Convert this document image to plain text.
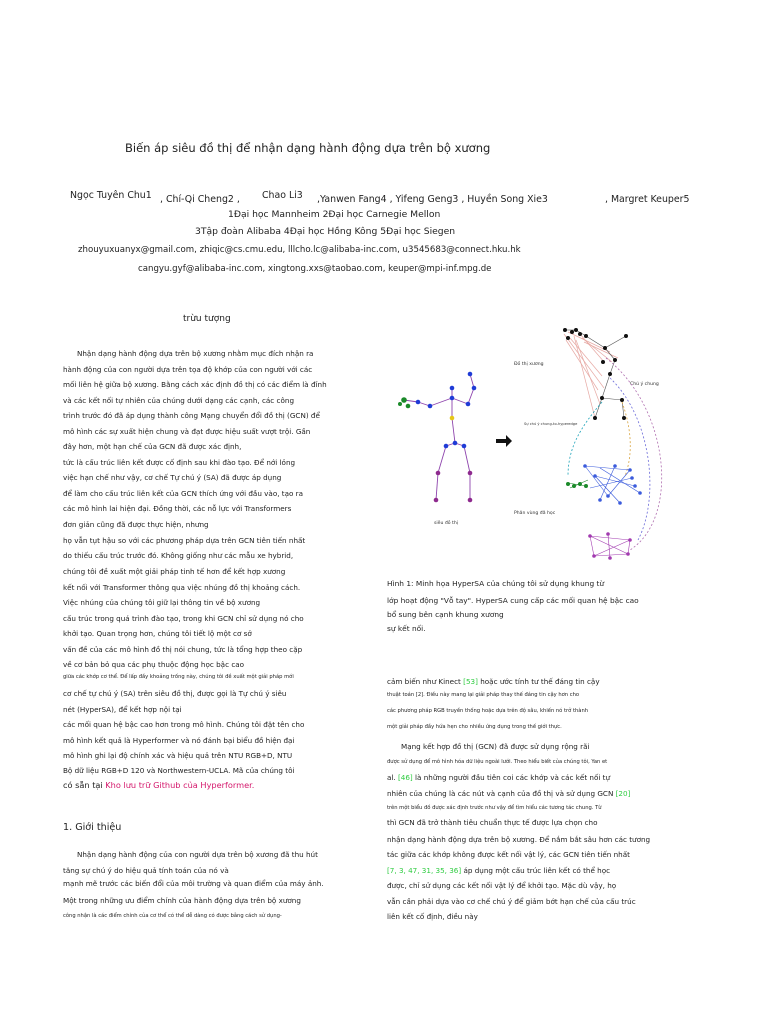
Biến áp siêu đồ thị để nhận dạng hành động dựa trên bộ xương
Ngọc Tuyên Chu1 , Chí-Qi Cheng2 , Chao Li3 ,Yanwen Fang4 , Yifeng Geng3 , Huyền Song Xie3	, Margret Keuper5
1Đại học Mannheim 2Đại học Carnegie Mellon
3Tập đoàn Alibaba 4Đại học Hồng Kông 5Đại học Siegen
zhouyuxuanyx@gmail.com, zhiqic@cs.cmu.edu, lllcho.lc@alibaba-inc.com, u3545683@connect.hku.hk
cangyu.gyf@alibaba-inc.com, xingtong.xxs@taobao.com, keuper@mpi-inf.mpg.de
trừu tượng
Nhận dạng hành động dựa trên bộ xương nhằm mục đích nhận ra
hành động của con người dựa trên tọa độ khớp của con người với các
mối liên hệ giữa bộ xương. Bằng cách xác định đồ thị có các điểm là đỉnh
và các kết nối tự nhiên của chúng dưới dạng các cạnh, các công
trình trước đó đã áp dụng thành công Mạng chuyển đổi đồ thị (GCN) để
mô hình các sự xuất hiện chung và đạt được hiệu suất vượt trội. Gần
đây hơn, một hạn chế của GCN đã được xác định,
tức là cấu trúc liên kết được cố định sau khi đào tạo. Để nới lỏng
việc hạn chế như vậy, cơ chế Tự chú ý (SA) đã được áp dụng
để làm cho cấu trúc liên kết của GCN thích ứng với đầu vào, tạo ra
các mô hình lai hiện đại. Đồng thời, các nỗ lực với Transformers
đơn giản cũng đã được thực hiện, nhưng
họ vẫn tụt hậu so với các phương pháp dựa trên GCN tiên tiến nhất
do thiếu cấu trúc trước đó. Không giống như các mẫu xe hybrid,
chúng tôi đề xuất một giải pháp tinh tế hơn để kết hợp xương
kết nối với Transformer thông qua việc nhúng đồ thị khoảng cách.
Việc nhúng của chúng tôi giữ lại thông tin về bộ xương
cấu trúc trong quá trình đào tạo, trong khi GCN chỉ sử dụng nó cho
khởi tạo. Quan trọng hơn, chúng tôi tiết lộ một cơ sở
vấn đề của các mô hình đồ thị nói chung, tức là tổng hợp theo cặp
về cơ bản bỏ qua các phụ thuộc động học bậc cao
giữa các khớp cơ thể. Để lấp đầy khoảng trống này, chúng tôi đề xuất một giải pháp mới
cơ chế tự chú ý (SA) trên siêu đồ thị, được gọi là Tự chú ý siêu
nét (HyperSA), để kết hợp nội tại
các mối quan hệ bậc cao hơn trong mô hình. Chúng tôi đặt tên cho
mô hình kết quả là Hyperformer và nó đánh bại biểu đồ hiện đại
mô hình ghi lại độ chính xác và hiệu quả trên NTU RGB+D, NTU
Bộ dữ liệu RGB+D 120 và Northwestern-UCLA. Mã của chúng tôi
có sẵn tại Kho lưu trữ Github của Hyperformer.
1. Giới thiệu
Nhận dạng hành động của con người dựa trên bộ xương đã thu hút
tăng sự chú ý do hiệu quả tính toán của nó và
mạnh mẽ trước các biến đổi của môi trường và quan điểm của máy ảnh.
Một trong những ưu điểm chính của hành động dựa trên bộ xương
công nhận là các điểm chính của cơ thể có thể dễ dàng có được bằng cách sử dụng-
siêu đồ thị
Đồ thị xương
Chú ý chung
Sự chú ý chung-to-hyperedge
Phân vùng đã học
Hình 1: Minh họa HyperSA của chúng tôi sử dụng khung từ
lớp hoạt động "Vỗ tay". HyperSA cung cấp các mối quan hệ bậc cao
bổ sung bên cạnh khung xương
sự kết nối.
cảm biến như Kinect [53] hoặc ước tính tư thế đáng tin cậy
thuật toán [2]. Điều này mang lại giải pháp thay thế đáng tin cậy hơn cho
các phương pháp RGB truyền thống hoặc dựa trên độ sâu, khiến nó trở thành
một giải pháp đầy hứa hẹn cho nhiều ứng dụng trong thế giới thực.
Mạng kết hợp đồ thị (GCN) đã được sử dụng rộng rãi
được sử dụng để mô hình hóa dữ liệu ngoài lưới. Theo hiểu biết của chúng tôi, Yan et
al. [46] là những người đầu tiên coi các khớp và các kết nối tự
nhiên của chúng là các nút và cạnh của đồ thị và sử dụng GCN [20]
trên một biểu đồ được xác định trước như vậy để tìm hiểu các tương tác chung. Từ
thì GCN đã trở thành tiêu chuẩn thực tế được lựa chọn cho
nhận dạng hành động dựa trên bộ xương. Để nắm bắt sâu hơn các tương
tác giữa các khớp không được kết nối vật lý, các GCN tiên tiến nhất
[7, 3, 47, 31, 35, 36] áp dụng một cấu trúc liên kết có thể học
được, chỉ sử dụng các kết nối vật lý để khởi tạo. Mặc dù vậy, họ
vẫn cần phải dựa vào cơ chế chú ý để giảm bớt hạn chế của cấu trúc
liên kết cố định, điều này
